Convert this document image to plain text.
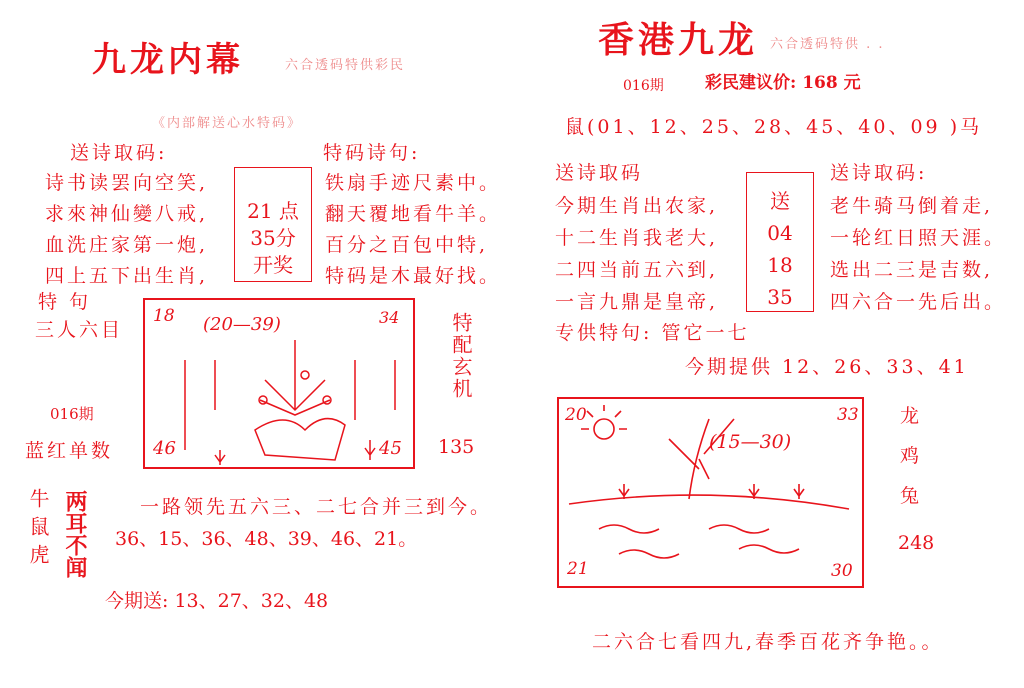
九龙内幕	六合透码特供彩民
《内部解送心水特码》
送诗取码:
诗书读罢向空笑,
求來神仙變八戒,
血洗庄家第一炮,
四上五下出生肖,
21 点
35分
开奖
特码诗句:
铁扇手迹尺素中。
翻天覆地看牛羊。
百分之百包中特,
特码是木最好找。
特 句
三人六目
016期
蓝红单数
18 (20—39)	34
46	45
特配玄机
135
牛鼠虎 两耳不闻	一路领先五六三、二七合并三到今。
36、15、36、48、39、46、21。
今期送: 13、27、32、48
香港九龙 六合透码特供 . .
016期 彩民建议价: 168 元
鼠(01、12、25、28、45、40、09 )马
送诗取码
今期生肖出农家,
十二生肖我老大,
二四当前五六到,
一言九鼎是皇帝,
送
04
18
35
送诗取码:
老牛骑马倒着走,
一轮红日照天涯。
选出二三是吉数,
四六合一先后出。
专供特句: 管它一七
今期提供 12、26、33、41
20
(15—30)
33
21	30
龙
鸡
兔
248
二六合七看四九,春季百花齐争艳。。
